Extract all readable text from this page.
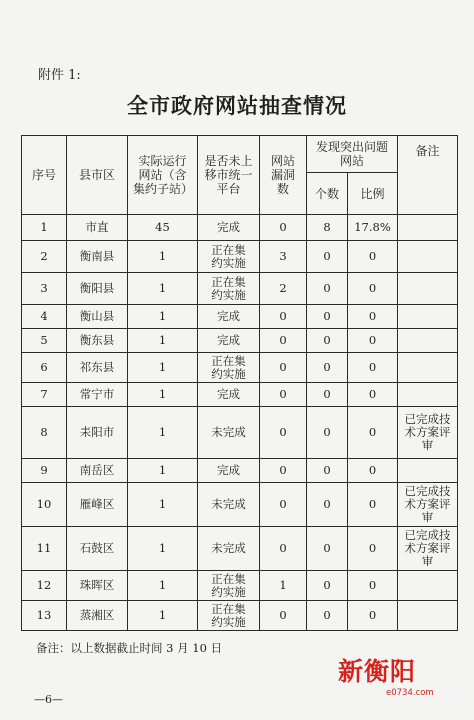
附件 1:
全市政府网站抽查情况
序号	县市区	实际运行网站（含集约子站）	是否未上移市统一平台	网站漏洞数	发现突出问题网站		备注
					个数	比例	
1	市直	45	完成	0	8	17.8%	
2	衡南县	1	正在集约实施	3	0	0	
3	衡阳县	1	正在集约实施	2	0	0	
4	衡山县	1	完成	0	0	0	
5	衡东县	1	完成	0	0	0	
6	祁东县	1	正在集约实施	0	0	0	
7	常宁市	1	完成	0	0	0	
8	耒阳市	1	未完成	0	0	0	已完成技术方案评审
9	南岳区	1	完成	0	0	0	
10	雁峰区	1	未完成	0	0	0	已完成技术方案评审
11	石鼓区	1	未完成	0	0	0	已完成技术方案评审
12	珠晖区	1	正在集约实施	1	0	0	
13	蒸湘区	1	正在集约实施	0	0	0	
备注：以上数据截止时间 3 月 10 日
—6—
新衡阳
e0734.com
